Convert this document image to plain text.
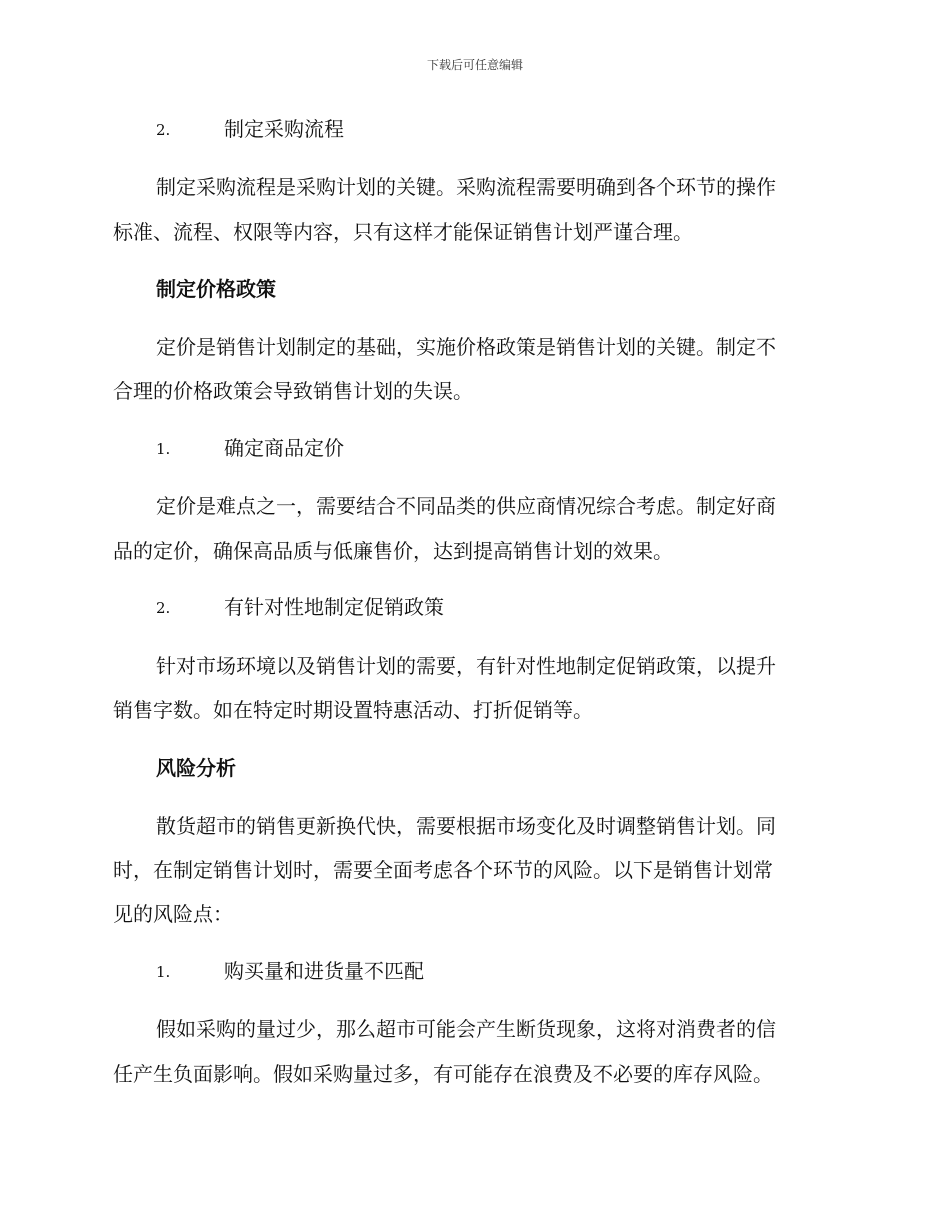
下载后可任意编辑
2.	制定采购流程
制定采购流程是采购计划的关键。采购流程需要明确到各个环节的操作
标准、流程、权限等内容，只有这样才能保证销售计划严谨合理。
制定价格政策
定价是销售计划制定的基础，实施价格政策是销售计划的关键。制定不
合理的价格政策会导致销售计划的失误。
1.	确定商品定价
定价是难点之一，需要结合不同品类的供应商情况综合考虑。制定好商
品的定价，确保高品质与低廉售价，达到提高销售计划的效果。
2.	有针对性地制定促销政策
针对市场环境以及销售计划的需要，有针对性地制定促销政策，以提升
销售字数。如在特定时期设置特惠活动、打折促销等。
风险分析
散货超市的销售更新换代快，需要根据市场变化及时调整销售计划。同
时，在制定销售计划时，需要全面考虑各个环节的风险。以下是销售计划常
见的风险点：
1.	购买量和进货量不匹配
假如采购的量过少，那么超市可能会产生断货现象，这将对消费者的信
任产生负面影响。假如采购量过多，有可能存在浪费及不必要的库存风险。
